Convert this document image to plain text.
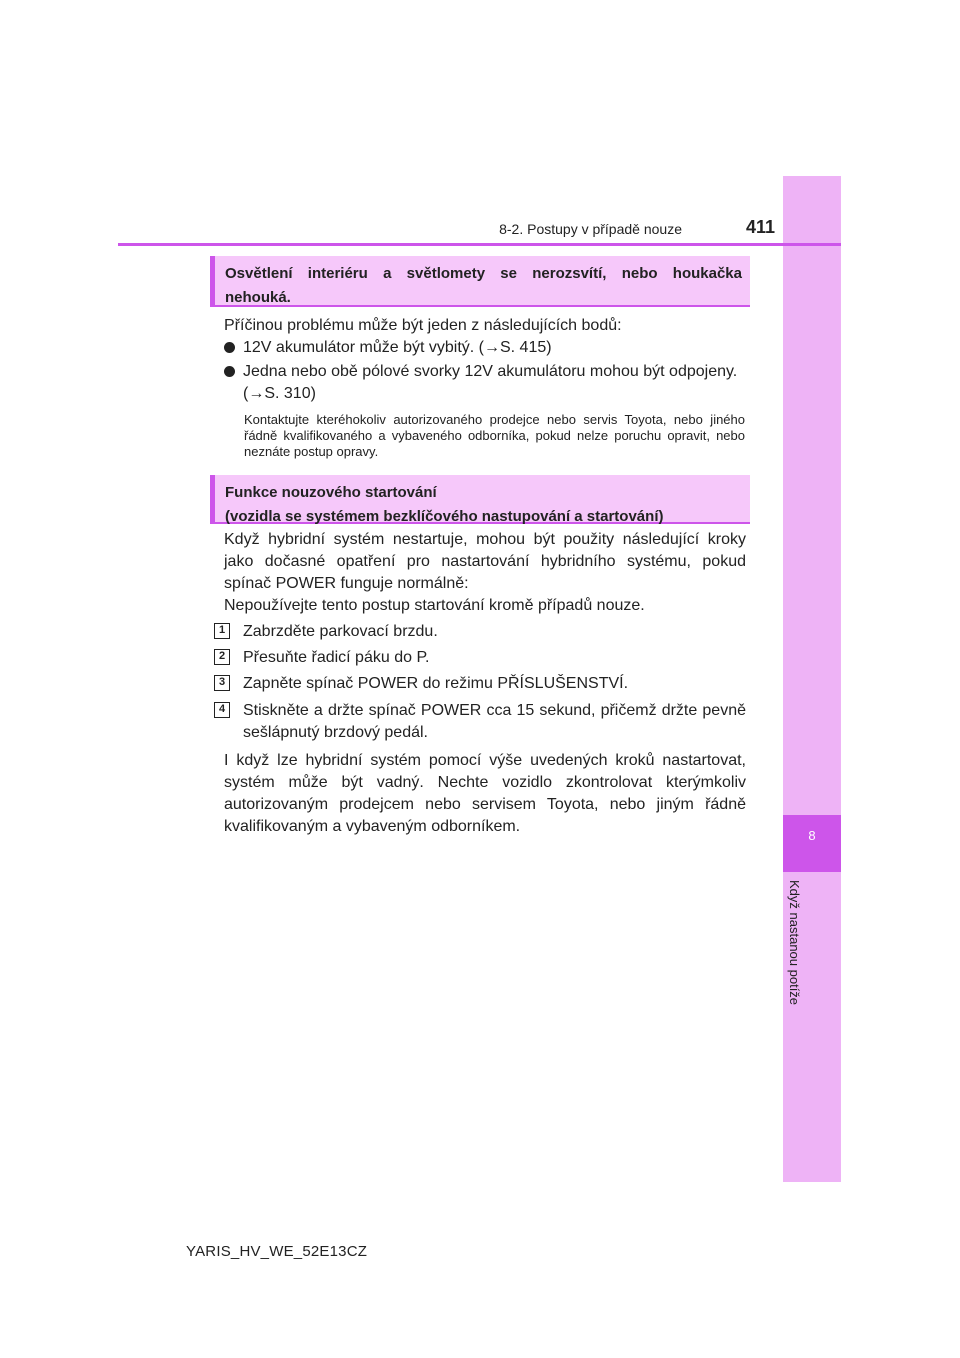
8
Když nastanou potíže
8-2. Postupy v případě nouze	411
Osvětlení interiéru a světlomety se nerozsvítí, nebo houkačka nehouká.
Příčinou problému může být jeden z následujících bodů:
12V akumulátor může být vybitý. (→S. 415)
Jedna nebo obě pólové svorky 12V akumulátoru mohou být odpojeny.
(→S. 310)
Kontaktujte kteréhokoliv autorizovaného prodejce nebo servis Toyota, nebo jiného řádně kvalifikovaného a vybaveného odborníka, pokud nelze poruchu opravit, nebo neznáte postup opravy.
Funkce nouzového startování
(vozidla se systémem bezklíčového nastupování a startování)
Když hybridní systém nestartuje, mohou být použity následující kroky jako dočasné opatření pro nastartování hybridního systému, pokud spínač POWER funguje normálně:
Nepoužívejte tento postup startování kromě případů nouze.
1	Zabrzděte parkovací brzdu.
2	Přesuňte řadicí páku do P.
3	Zapněte spínač POWER do režimu PŘÍSLUŠENSTVÍ.
4	Stiskněte a držte spínač POWER cca 15 sekund, přičemž držte pevně sešlápnutý brzdový pedál.
I když lze hybridní systém pomocí výše uvedených kroků nastartovat, systém může být vadný. Nechte vozidlo zkontrolovat kterýmkoliv autorizovaným prodejcem nebo servisem Toyota, nebo jiným řádně kvalifikovaným a vybaveným odborníkem.
YARIS_HV_WE_52E13CZ
